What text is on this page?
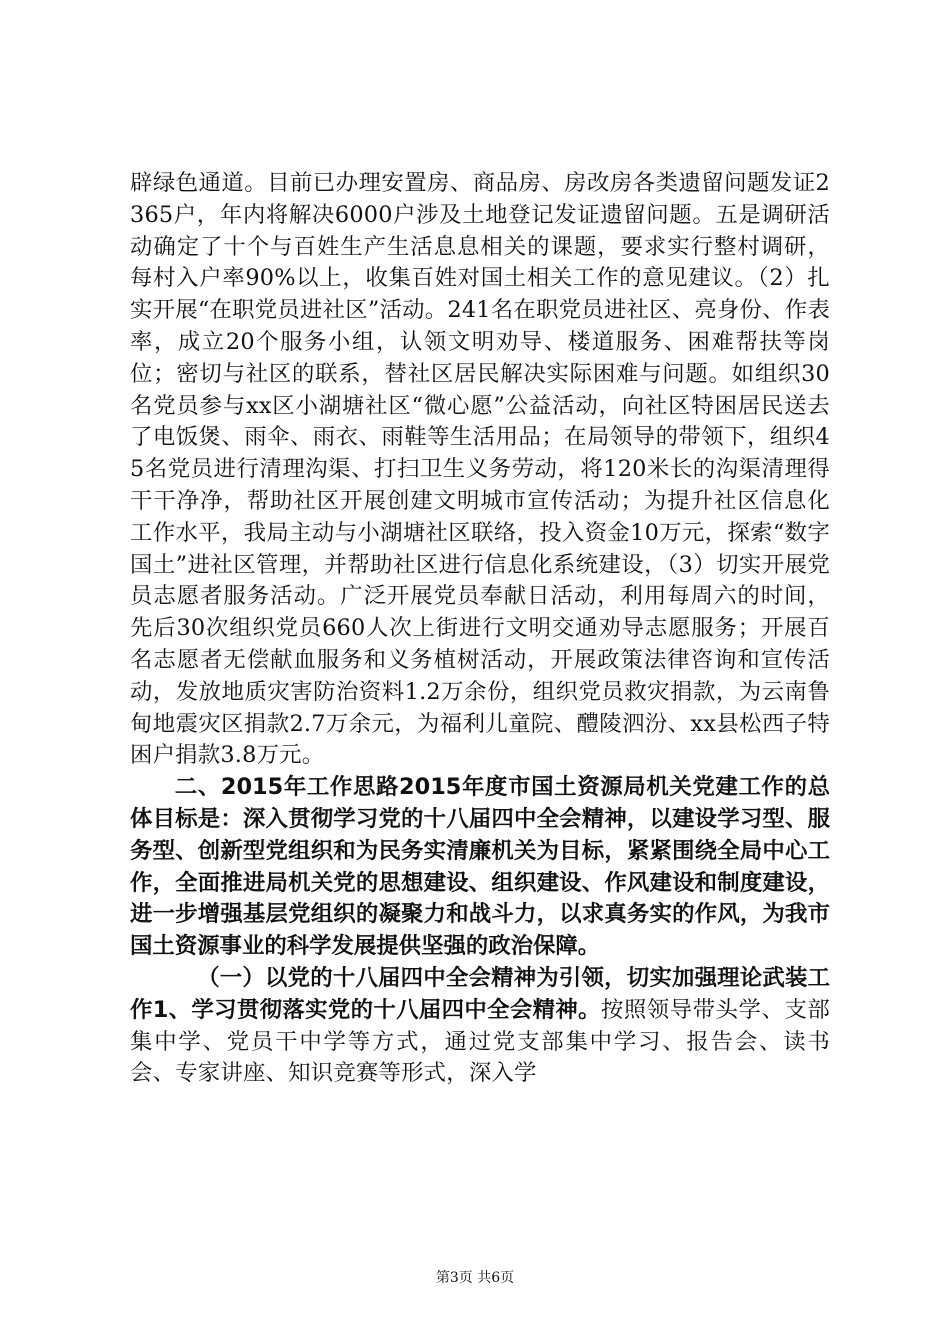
辟绿色通道。目前已办理安置房、商品房、房改房各类遗留问题发证2365户，年内将解决6000户涉及土地登记发证遗留问题。五是调研活动确定了十个与百姓生产生活息息相关的课题，要求实行整村调研，每村入户率90%以上，收集百姓对国土相关工作的意见建议。（2）扎实开展“在职党员进社区”活动。241名在职党员进社区、亮身份、作表率，成立20个服务小组，认领文明劝导、楼道服务、困难帮扶等岗位；密切与社区的联系，替社区居民解决实际困难与问题。如组织30名党员参与xx区小湖塘社区“微心愿”公益活动，向社区特困居民送去了电饭煲、雨伞、雨衣、雨鞋等生活用品；在局领导的带领下，组织45名党员进行清理沟渠、打扫卫生义务劳动，将120米长的沟渠清理得干干净净，帮助社区开展创建文明城市宣传活动；为提升社区信息化工作水平，我局主动与小湖塘社区联络，投入资金10万元，探索“数字国土”进社区管理，并帮助社区进行信息化系统建设，（3）切实开展党员志愿者服务活动。广泛开展党员奉献日活动，利用每周六的时间，先后30次组织党员660人次上街进行文明交通劝导志愿服务；开展百名志愿者无偿献血服务和义务植树活动，开展政策法律咨询和宣传活动，发放地质灾害防治资料1.2万余份，组织党员救灾捐款，为云南鲁甸地震灾区捐款2.7万余元，为福利儿童院、醴陵泗汾、xx县松西子特困户捐款3.8万元。

二、2015年工作思路2015年度市国土资源局机关党建工作的总体目标是：深入贯彻学习党的十八届四中全会精神，以建设学习型、服务型、创新型党组织和为民务实清廉机关为目标，紧紧围绕全局中心工作，全面推进局机关党的思想建设、组织建设、作风建设和制度建设，进一步增强基层党组织的凝聚力和战斗力，以求真务实的作风，为我市国土资源事业的科学发展提供坚强的政治保障。

（一）以党的十八届四中全会精神为引领，切实加强理论武装工作1、学习贯彻落实党的十八届四中全会精神。按照领导带头学、支部集中学、党员干中学等方式，通过党支部集中学习、报告会、读书会、专家讲座、知识竞赛等形式，深入学

第3页 共6页
